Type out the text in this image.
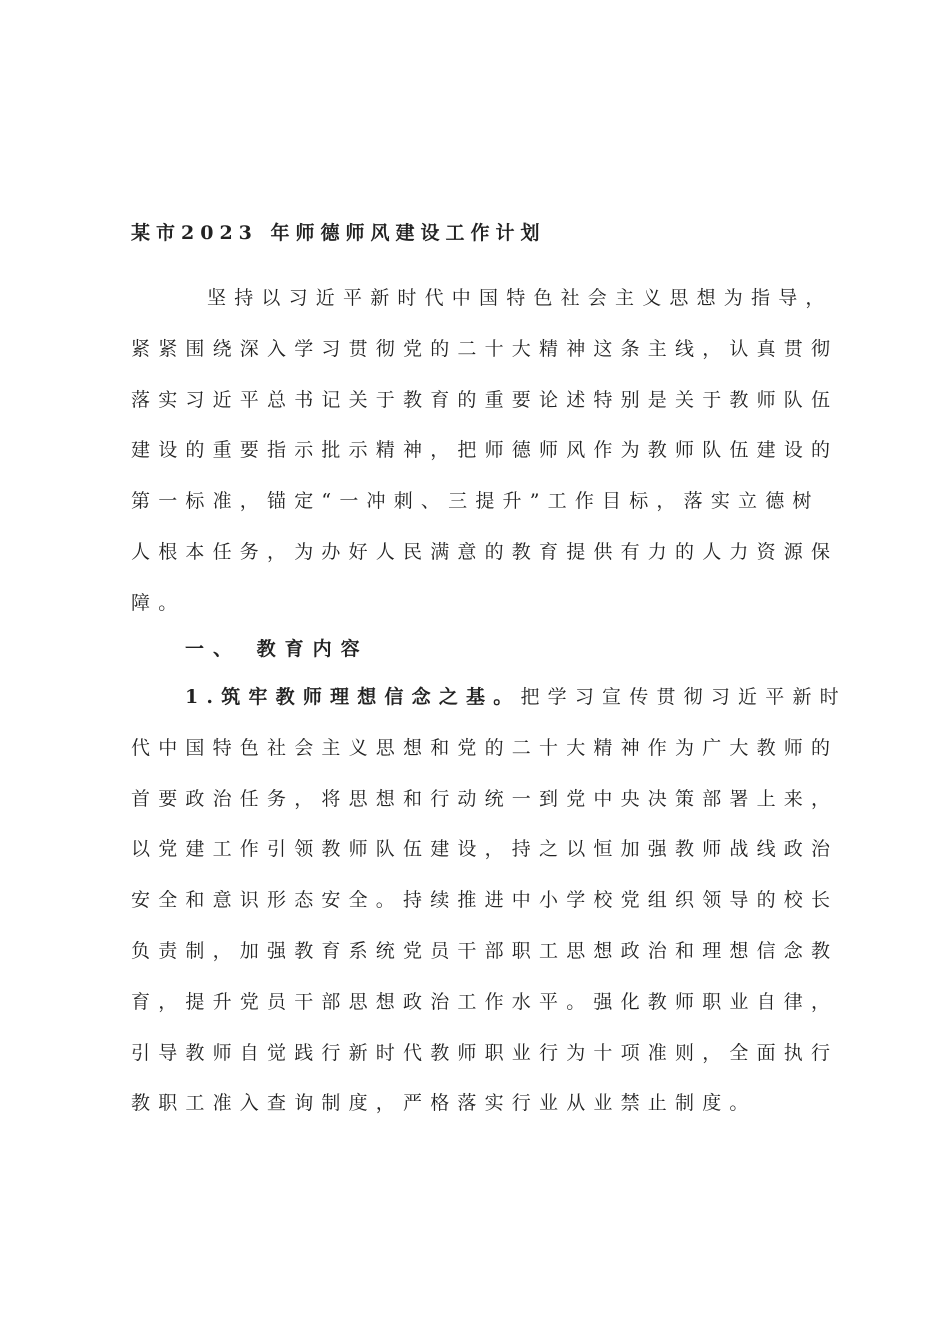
某市2023 年师德师风建设工作计划
坚持以习近平新时代中国特色社会主义思想为指导，
紧紧围绕深入学习贯彻党的二十大精神这条主线，认真贯彻
落实习近平总书记关于教育的重要论述特别是关于教师队伍
建设的重要指示批示精神，把师德师风作为教师队伍建设的
第一标准，锚定“一冲刺、三提升”工作目标，落实立德树
人根本任务，为办好人民满意的教育提供有力的人力资源保
障。
一、 教育内容
1.筑牢教师理想信念之基。把学习宣传贯彻习近平新时
代中国特色社会主义思想和党的二十大精神作为广大教师的
首要政治任务，将思想和行动统一到党中央决策部署上来，
以党建工作引领教师队伍建设，持之以恒加强教师战线政治
安全和意识形态安全。持续推进中小学校党组织领导的校长
负责制，加强教育系统党员干部职工思想政治和理想信念教
育，提升党员干部思想政治工作水平。强化教师职业自律，
引导教师自觉践行新时代教师职业行为十项准则，全面执行
教职工准入查询制度，严格落实行业从业禁止制度。
